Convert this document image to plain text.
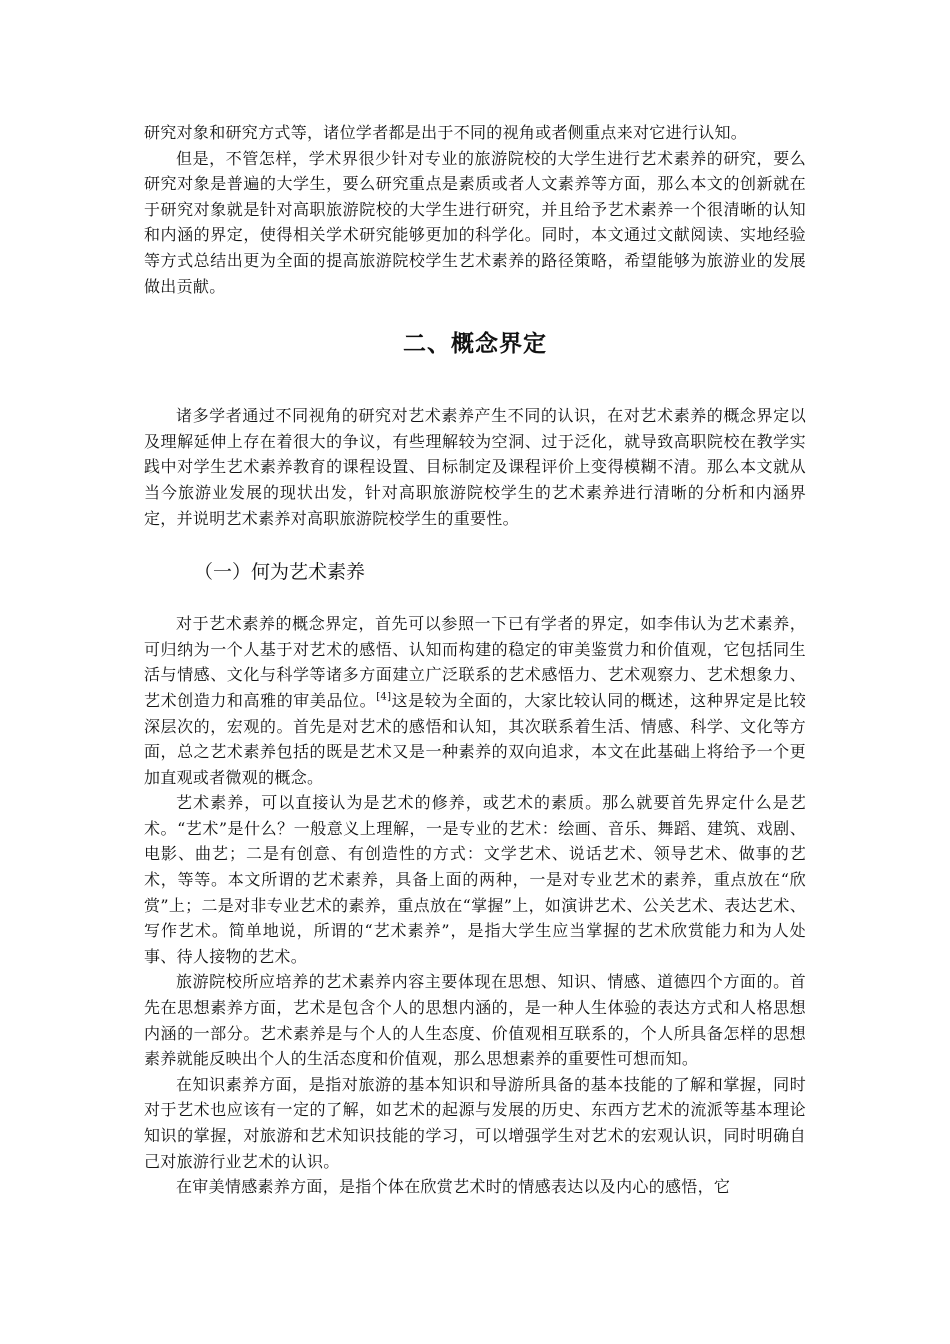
研究对象和研究方式等，诸位学者都是出于不同的视角或者侧重点来对它进行认知。

但是，不管怎样，学术界很少针对专业的旅游院校的大学生进行艺术素养的研究，要么研究对象是普遍的大学生，要么研究重点是素质或者人文素养等方面，那么本文的创新就在于研究对象就是针对高职旅游院校的大学生进行研究，并且给予艺术素养一个很清晰的认知和内涵的界定，使得相关学术研究能够更加的科学化。同时，本文通过文献阅读、实地经验等方式总结出更为全面的提高旅游院校学生艺术素养的路径策略，希望能够为旅游业的发展做出贡献。

二、概念界定

诸多学者通过不同视角的研究对艺术素养产生不同的认识，在对艺术素养的概念界定以及理解延伸上存在着很大的争议，有些理解较为空洞、过于泛化，就导致高职院校在教学实践中对学生艺术素养教育的课程设置、目标制定及课程评价上变得模糊不清。那么本文就从当今旅游业发展的现状出发，针对高职旅游院校学生的艺术素养进行清晰的分析和内涵界定，并说明艺术素养对高职旅游院校学生的重要性。

（一）何为艺术素养

对于艺术素养的概念界定，首先可以参照一下已有学者的界定，如李伟认为艺术素养，可归纳为一个人基于对艺术的感悟、认知而构建的稳定的审美鉴赏力和价值观，它包括同生活与情感、文化与科学等诸多方面建立广泛联系的艺术感悟力、艺术观察力、艺术想象力、艺术创造力和高雅的审美品位。[4]这是较为全面的，大家比较认同的概述，这种界定是比较深层次的，宏观的。首先是对艺术的感悟和认知，其次联系着生活、情感、科学、文化等方面，总之艺术素养包括的既是艺术又是一种素养的双向追求，本文在此基础上将给予一个更加直观或者微观的概念。

艺术素养，可以直接认为是艺术的修养，或艺术的素质。那么就要首先界定什么是艺术。“艺术”是什么？一般意义上理解，一是专业的艺术：绘画、音乐、舞蹈、建筑、戏剧、电影、曲艺；二是有创意、有创造性的方式：文学艺术、说话艺术、领导艺术、做事的艺术，等等。本文所谓的艺术素养，具备上面的两种，一是对专业艺术的素养，重点放在“欣赏”上；二是对非专业艺术的素养，重点放在“掌握”上，如演讲艺术、公关艺术、表达艺术、写作艺术。简单地说，所谓的“艺术素养”，是指大学生应当掌握的艺术欣赏能力和为人处事、待人接物的艺术。

旅游院校所应培养的艺术素养内容主要体现在思想、知识、情感、道德四个方面的。首先在思想素养方面，艺术是包含个人的思想内涵的，是一种人生体验的表达方式和人格思想内涵的一部分。艺术素养是与个人的人生态度、价值观相互联系的，个人所具备怎样的思想素养就能反映出个人的生活态度和价值观，那么思想素养的重要性可想而知。

在知识素养方面，是指对旅游的基本知识和导游所具备的基本技能的了解和掌握，同时对于艺术也应该有一定的了解，如艺术的起源与发展的历史、东西方艺术的流派等基本理论知识的掌握，对旅游和艺术知识技能的学习，可以增强学生对艺术的宏观认识，同时明确自己对旅游行业艺术的认识。

在审美情感素养方面，是指个体在欣赏艺术时的情感表达以及内心的感悟，它
